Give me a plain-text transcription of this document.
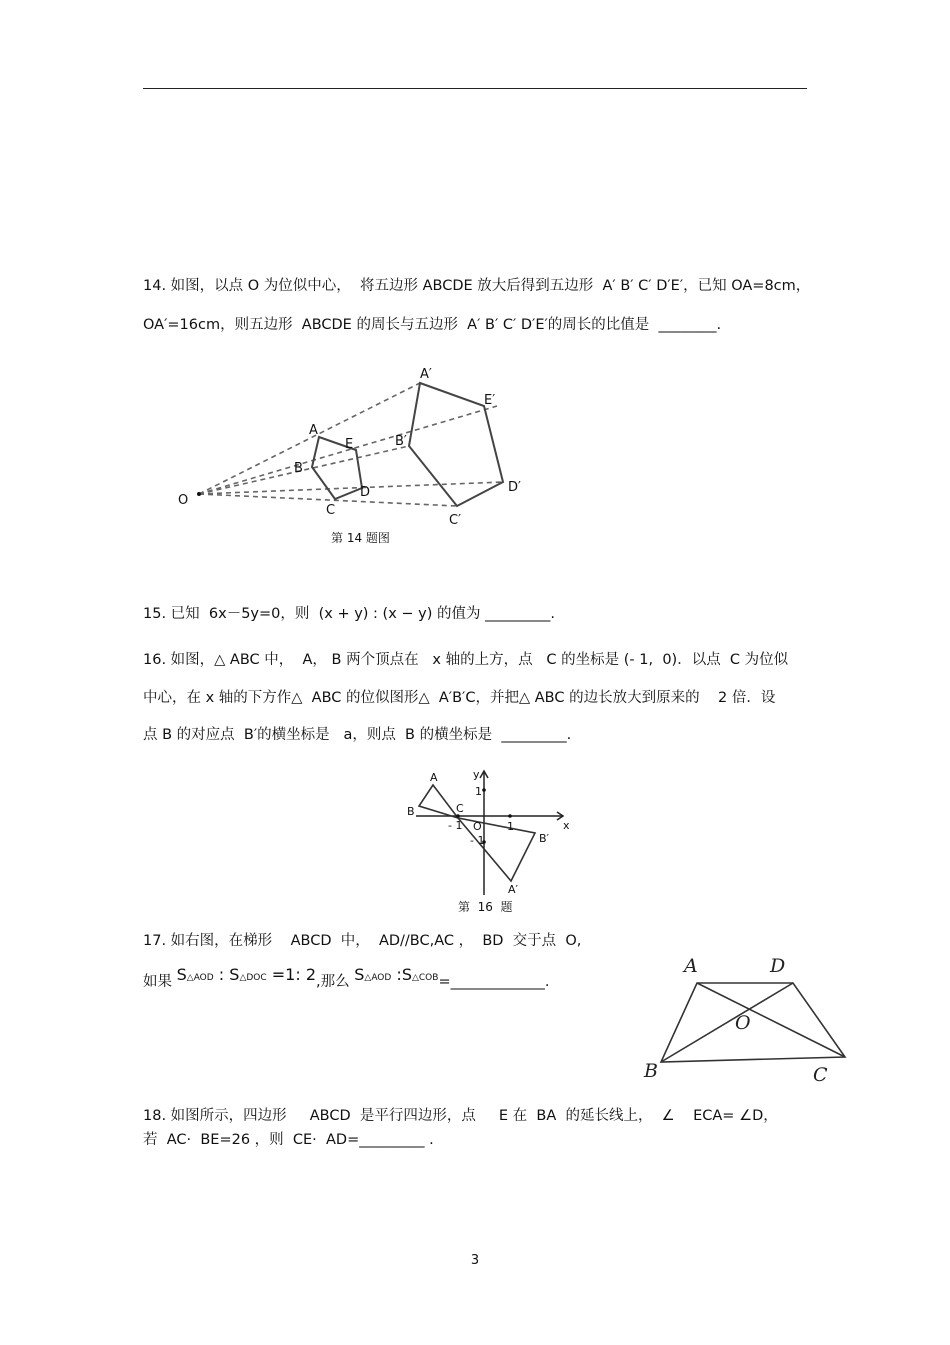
14. 如图，以点 O 为位似中心，  将五边形 ABCDE 放大后得到五边形  A′ B′ C′ D′E′，已知 OA=8cm，
OA′=16cm，则五边形  ABCDE 的周长与五边形  A′ B′ C′ D′E′的周长的比值是  ________.
O
A
E
B
D
C
A′
E′
B′
D′
C′
第 14 题图
15. 已知  6x－5y=0，则  (x + y) : (x − y) 的值为 _________.
16. 如图，△ ABC 中，  A， B 两个顶点在   x 轴的上方，点   C 的坐标是 (- 1,  0)．以点  C 为位似
中心，在 x 轴的下方作△  ABC 的位似图形△  A′B′C，并把△ ABC 的边长放大到原来的    2 倍．设
点 B 的对应点  B′的横坐标是   a，则点  B 的横坐标是  _________.
A
B	C
O	x
y
1
- 1	1
- 1	B′
A′
第  16  题
17. 如右图，在梯形    ABCD  中，  AD//BC,AC ，  BD  交于点  O,
如果 S△AOD : S△DOC =1: 2,那么 S△AOD :S△COB=_____________.
A	D
O
B	C
18. 如图所示，四边形     ABCD  是平行四边形，点     E 在  BA  的延长线上，  ∠    ECA= ∠D，
若  AC·  BE=26 ，则  CE·  AD=_________ .
3
